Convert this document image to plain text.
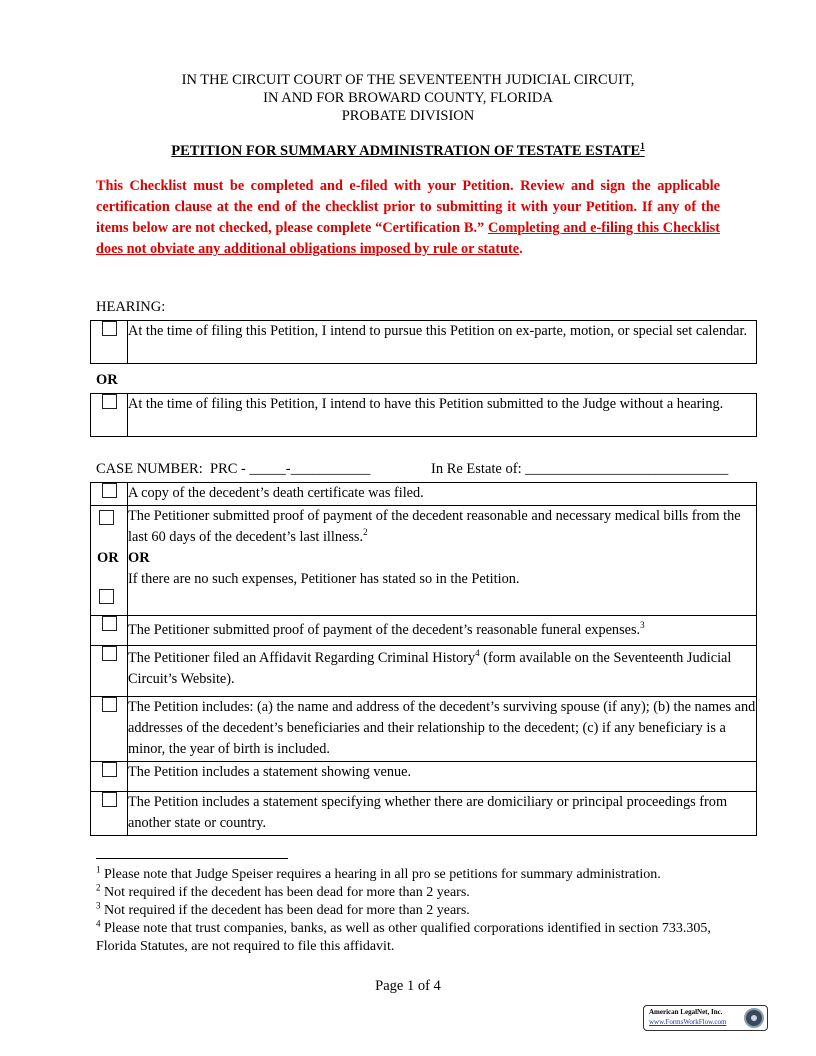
IN THE CIRCUIT COURT OF THE SEVENTEENTH JUDICIAL CIRCUIT,
IN AND FOR BROWARD COUNTY, FLORIDA
PROBATE DIVISION
PETITION FOR SUMMARY ADMINISTRATION OF TESTATE ESTATE$^1$
This Checklist must be completed and e-filed with your Petition. Review and sign the applicable certification clause at the end of the checklist prior to submitting it with your Petition. If any of the items below are not checked, please complete “Certification B.” Completing and e-filing this Checklist does not obviate any additional obligations imposed by rule or statute.
HEARING:
	At the time of filing this Petition, I intend to pursue this Petition on ex-parte, motion, or special set calendar.
OR
	At the time of filing this Petition, I intend to have this Petition submitted to the Judge without a hearing.
CASE NUMBER:  PRC - _____-___________	In Re Estate of: ____________________________
	A copy of the decedent’s death certificate was filed.

OR	The Petitioner submitted proof of payment of the decedent reasonable and necessary medical bills from the last 60 days of the decedent’s last illness.$^2$
OR
If there are no such expenses, Petitioner has stated so in the Petition.

	The Petitioner submitted proof of payment of the decedent’s reasonable funeral expenses.$^3$
	The Petitioner filed an Affidavit Regarding Criminal History$^4$ (form available on the Seventeenth Judicial Circuit’s Website).
	The Petition includes: (a) the name and address of the decedent’s surviving spouse (if any); (b) the names and addresses of the decedent’s beneficiaries and their relationship to the decedent; (c) if any beneficiary is a minor, the year of birth is included.
	The Petition includes a statement showing venue.
	The Petition includes a statement specifying whether there are domiciliary or principal proceedings from another state or country.
$^1$ Please note that Judge Speiser requires a hearing in all pro se petitions for summary administration.
$^2$ Not required if the decedent has been dead for more than 2 years.
$^3$ Not required if the decedent has been dead for more than 2 years.
$^4$ Please note that trust companies, banks, as well as other qualified corporations identified in section 733.305, Florida Statutes, are not required to file this affidavit.
Page 1 of 4
American LegalNet, Inc.
www.FormsWorkFlow.com
